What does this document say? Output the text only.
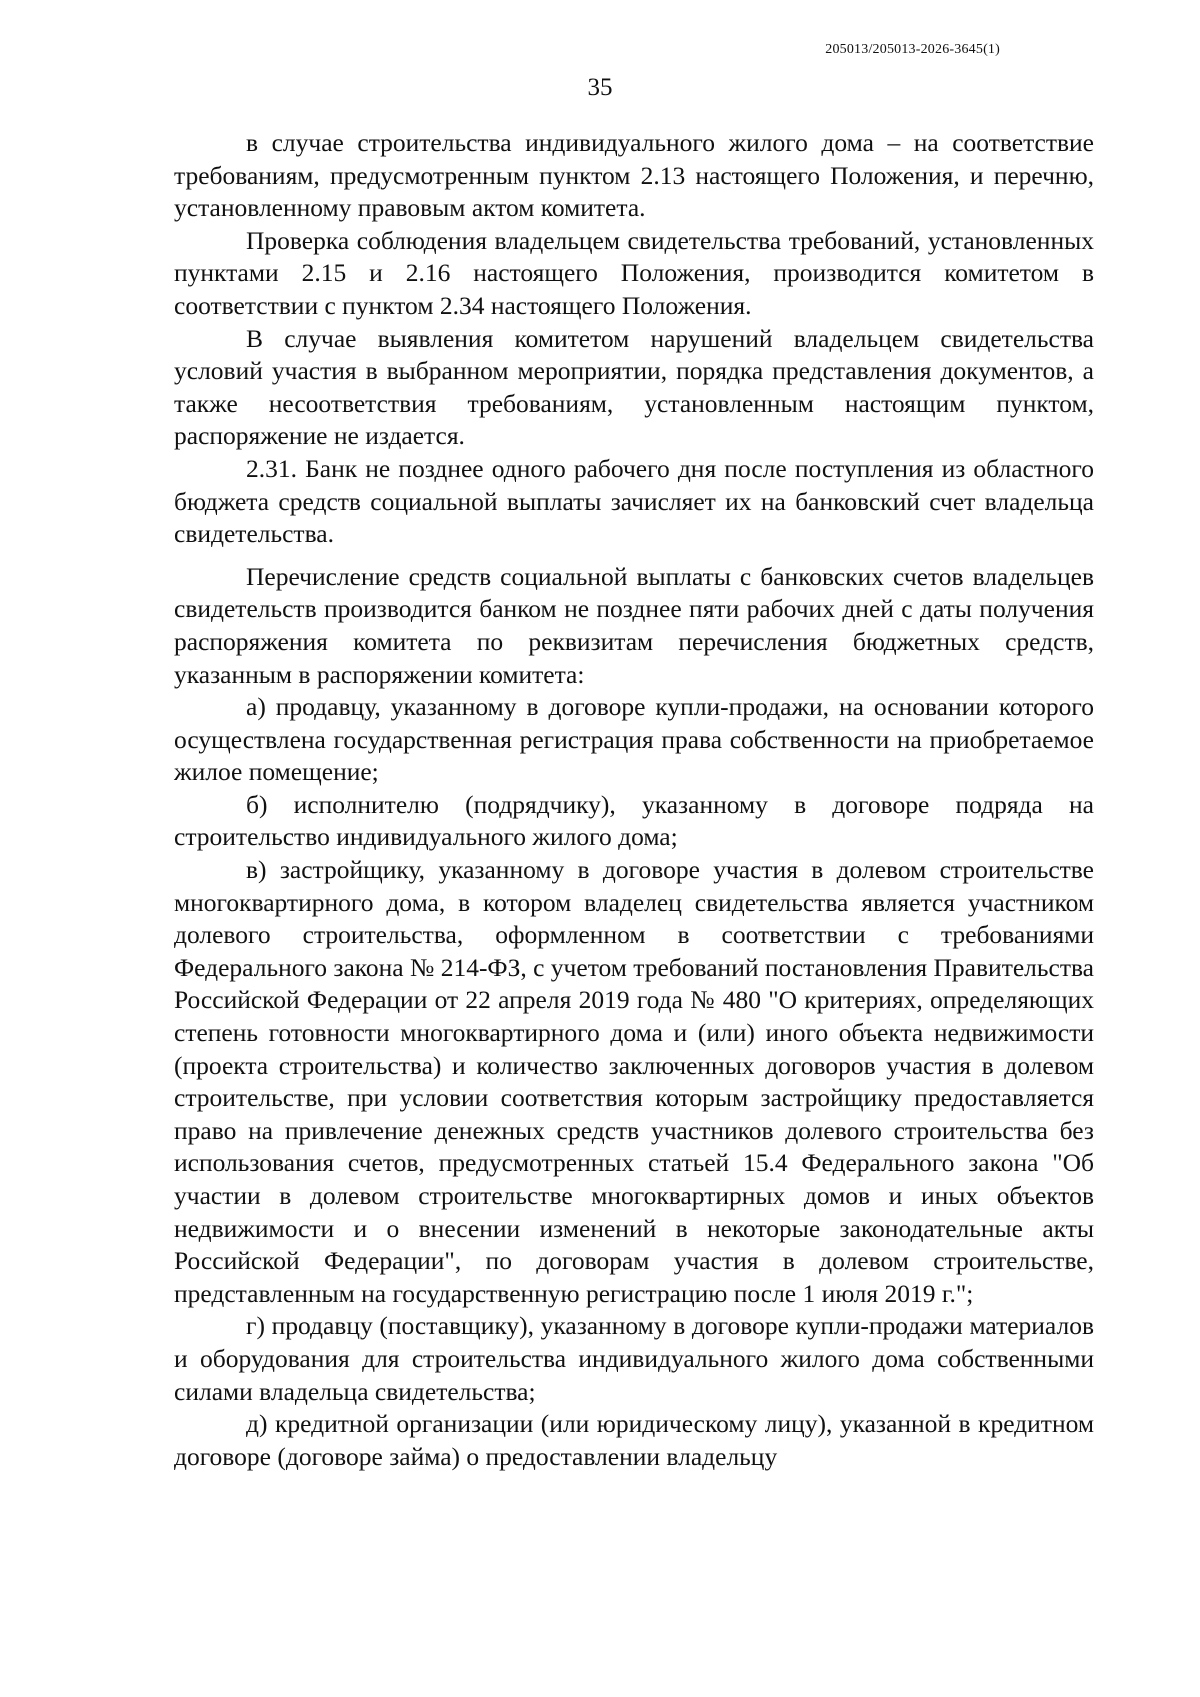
205013/205013-2026-3645(1)
35

в случае строительства индивидуального жилого дома – на соответствие требованиям, предусмотренным пунктом 2.13 настоящего Положения, и перечню, установленному правовым актом комитета.

Проверка соблюдения владельцем свидетельства требований, установленных пунктами 2.15 и 2.16 настоящего Положения, производится комитетом в соответствии с пунктом 2.34 настоящего Положения.

В случае выявления комитетом нарушений владельцем свидетельства условий участия в выбранном мероприятии, порядка представления документов, а также несоответствия требованиям, установленным настоящим пунктом, распоряжение не издается.

2.31. Банк не позднее одного рабочего дня после поступления из областного бюджета средств социальной выплаты зачисляет их на банковский счет владельца свидетельства.

Перечисление средств социальной выплаты с банковских счетов владельцев свидетельств производится банком не позднее пяти рабочих дней с даты получения распоряжения комитета по реквизитам перечисления бюджетных средств, указанным в распоряжении комитета:

а) продавцу, указанному в договоре купли-продажи, на основании которого осуществлена государственная регистрация права собственности на приобретаемое жилое помещение;

б) исполнителю (подрядчику), указанному в договоре подряда на строительство индивидуального жилого дома;

в) застройщику, указанному в договоре участия в долевом строительстве многоквартирного дома, в котором владелец свидетельства является участником долевого строительства, оформленном в соответствии с требованиями Федерального закона № 214-ФЗ, с учетом требований постановления Правительства Российской Федерации от 22 апреля 2019 года № 480 "О критериях, определяющих степень готовности многоквартирного дома и (или) иного объекта недвижимости (проекта строительства) и количество заключенных договоров участия в долевом строительстве, при условии соответствия которым застройщику предоставляется право на привлечение денежных средств участников долевого строительства без использования счетов, предусмотренных статьей 15.4 Федерального закона "Об участии в долевом строительстве многоквартирных домов и иных объектов недвижимости и о внесении изменений в некоторые законодательные акты Российской Федерации", по договорам участия в долевом строительстве, представленным на государственную регистрацию после 1 июля 2019 г.";

г) продавцу (поставщику), указанному в договоре купли-продажи материалов и оборудования для строительства индивидуального жилого дома собственными силами владельца свидетельства;

д) кредитной организации (или юридическому лицу), указанной в кредитном договоре (договоре займа) о предоставлении владельцу
